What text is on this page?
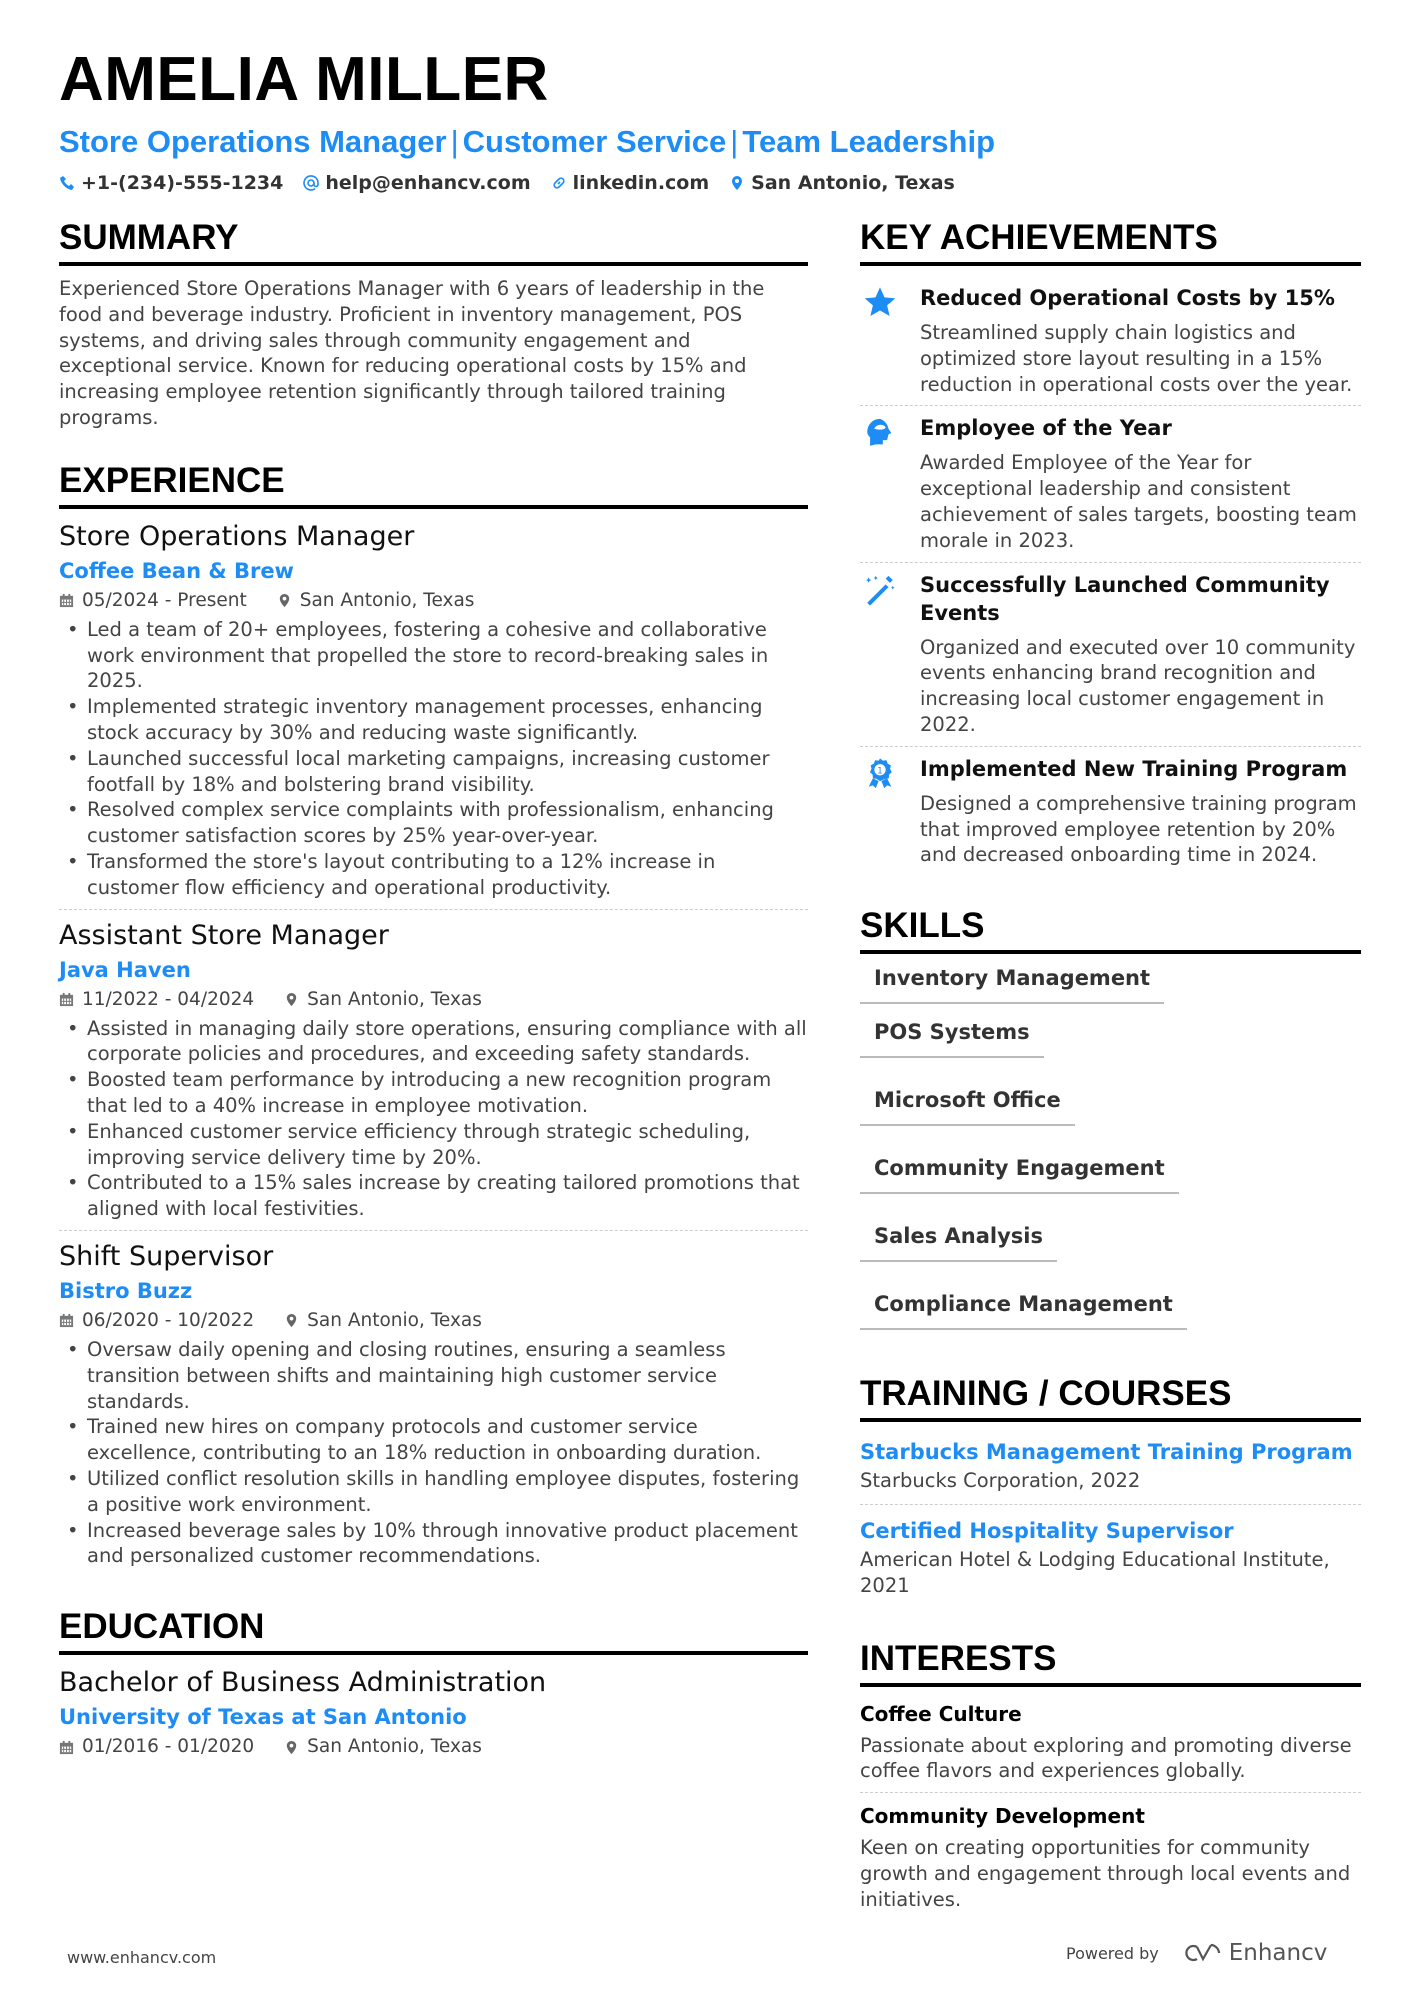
AMELIA MILLER
Store Operations Manager | Customer Service | Team Leadership
+1-(234)-555-1234 help@enhancv.com linkedin.com San Antonio, Texas
SUMMARY
Experienced Store Operations Manager with 6 years of leadership in the food and beverage industry. Proficient in inventory management, POS systems, and driving sales through community engagement and exceptional service. Known for reducing operational costs by 15% and increasing employee retention significantly through tailored training programs.
EXPERIENCE
Store Operations Manager
Coffee Bean & Brew
05/2024 - Present	San Antonio, Texas
• Led a team of 20+ employees, fostering a cohesive and collaborative work environment that propelled the store to record-breaking sales in 2025.
• Implemented strategic inventory management processes, enhancing stock accuracy by 30% and reducing waste significantly.
• Launched successful local marketing campaigns, increasing customer footfall by 18% and bolstering brand visibility.
• Resolved complex service complaints with professionalism, enhancing customer satisfaction scores by 25% year-over-year.
• Transformed the store's layout contributing to a 12% increase in customer flow efficiency and operational productivity.
Assistant Store Manager
Java Haven
11/2022 - 04/2024	San Antonio, Texas
• Assisted in managing daily store operations, ensuring compliance with all corporate policies and procedures, and exceeding safety standards.
• Boosted team performance by introducing a new recognition program that led to a 40% increase in employee motivation.
• Enhanced customer service efficiency through strategic scheduling, improving service delivery time by 20%.
• Contributed to a 15% sales increase by creating tailored promotions that aligned with local festivities.
Shift Supervisor
Bistro Buzz
06/2020 - 10/2022	San Antonio, Texas
• Oversaw daily opening and closing routines, ensuring a seamless transition between shifts and maintaining high customer service standards.
• Trained new hires on company protocols and customer service excellence, contributing to an 18% reduction in onboarding duration.
• Utilized conflict resolution skills in handling employee disputes, fostering a positive work environment.
• Increased beverage sales by 10% through innovative product placement and personalized customer recommendations.
EDUCATION
Bachelor of Business Administration
University of Texas at San Antonio
01/2016 - 01/2020	San Antonio, Texas
KEY ACHIEVEMENTS
Reduced Operational Costs by 15%
Streamlined supply chain logistics and optimized store layout resulting in a 15% reduction in operational costs over the year.
Employee of the Year
Awarded Employee of the Year for exceptional leadership and consistent achievement of sales targets, boosting team morale in 2023.
Successfully Launched Community Events
Organized and executed over 10 community events enhancing brand recognition and increasing local customer engagement in 2022.
1 Implemented New Training Program
Designed a comprehensive training program that improved employee retention by 20% and decreased onboarding time in 2024.
SKILLS
Inventory Management
POS Systems
Microsoft Office
Community Engagement
Sales Analysis
Compliance Management
TRAINING / COURSES
Starbucks Management Training Program
Starbucks Corporation, 2022
Certified Hospitality Supervisor
American Hotel & Lodging Educational Institute, 2021
INTERESTS
Coffee Culture
Passionate about exploring and promoting diverse coffee flavors and experiences globally.
Community Development
Keen on creating opportunities for community growth and engagement through local events and initiatives.
www.enhancv.com	Powered by	Enhancv
